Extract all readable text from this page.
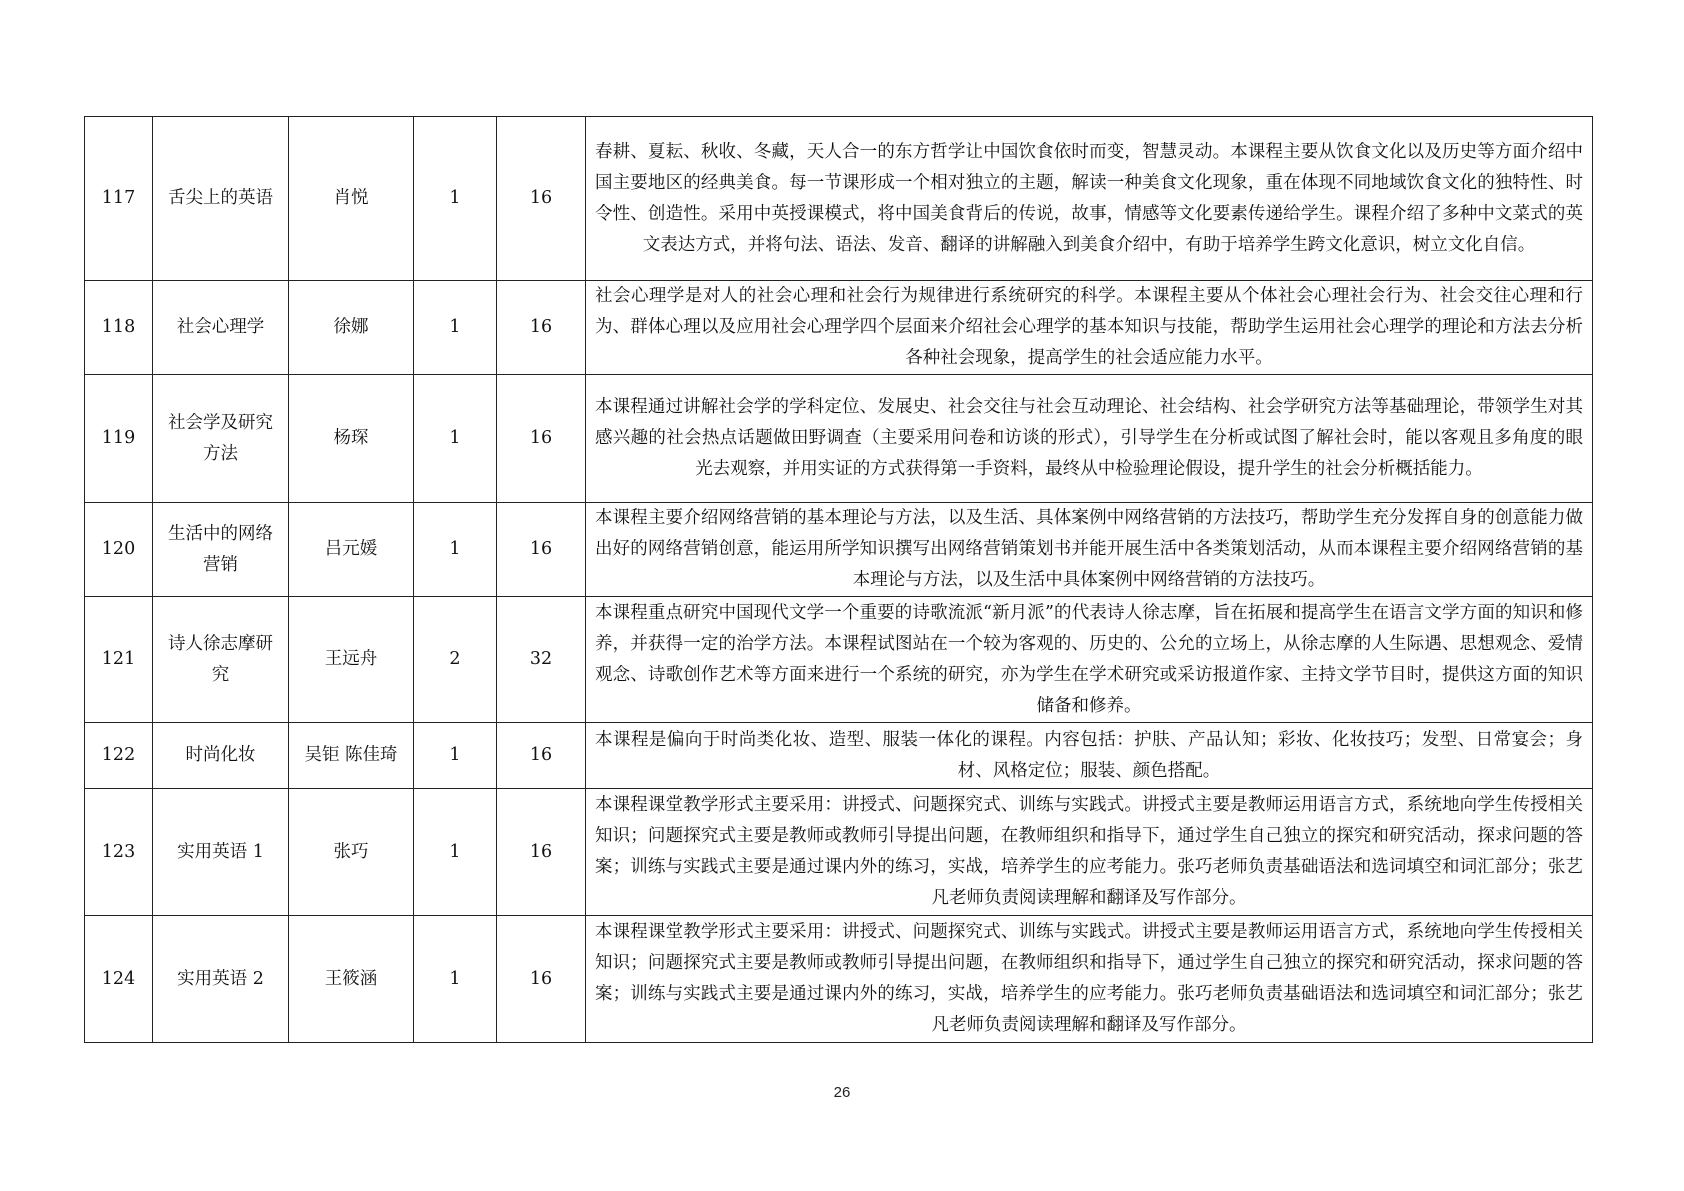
117	舌尖上的英语	肖悦	1	16	春耕、夏耘、秋收、冬藏，天人合一的东方哲学让中国饮食依时而变，智慧灵动。本课程主要从饮食文化以及历史等方面介绍中国主要地区的经典美食。每一节课形成一个相对独立的主题，解读一种美食文化现象，重在体现不同地域饮食文化的独特性、时令性、创造性。采用中英授课模式，将中国美食背后的传说，故事，情感等文化要素传递给学生。课程介绍了多种中文菜式的英文表达方式，并将句法、语法、发音、翻译的讲解融入到美食介绍中，有助于培养学生跨文化意识，树立文化自信。
118	社会心理学	徐娜	1	16	社会心理学是对人的社会心理和社会行为规律进行系统研究的科学。本课程主要从个体社会心理社会行为、社会交往心理和行为、群体心理以及应用社会心理学四个层面来介绍社会心理学的基本知识与技能，帮助学生运用社会心理学的理论和方法去分析各种社会现象，提高学生的社会适应能力水平。
119	社会学及研究方法	杨琛	1	16	本课程通过讲解社会学的学科定位、发展史、社会交往与社会互动理论、社会结构、社会学研究方法等基础理论，带领学生对其感兴趣的社会热点话题做田野调查（主要采用问卷和访谈的形式），引导学生在分析或试图了解社会时，能以客观且多角度的眼光去观察，并用实证的方式获得第一手资料，最终从中检验理论假设，提升学生的社会分析概括能力。
120	生活中的网络营销	吕元媛	1	16	本课程主要介绍网络营销的基本理论与方法，以及生活、具体案例中网络营销的方法技巧，帮助学生充分发挥自身的创意能力做出好的网络营销创意，能运用所学知识撰写出网络营销策划书并能开展生活中各类策划活动，从而本课程主要介绍网络营销的基本理论与方法，以及生活中具体案例中网络营销的方法技巧。
121	诗人徐志摩研究	王远舟	2	32	本课程重点研究中国现代文学一个重要的诗歌流派“新月派”的代表诗人徐志摩，旨在拓展和提高学生在语言文学方面的知识和修养，并获得一定的治学方法。本课程试图站在一个较为客观的、历史的、公允的立场上，从徐志摩的人生际遇、思想观念、爱情观念、诗歌创作艺术等方面来进行一个系统的研究，亦为学生在学术研究或采访报道作家、主持文学节目时，提供这方面的知识储备和修养。
122	时尚化妆	吴钜 陈佳琦	1	16	本课程是偏向于时尚类化妆、造型、服装一体化的课程。内容包括：护肤、产品认知；彩妆、化妆技巧；发型、日常宴会；身材、风格定位；服装、颜色搭配。
123	实用英语 1	张巧	1	16	本课程课堂教学形式主要采用：讲授式、问题探究式、训练与实践式。讲授式主要是教师运用语言方式，系统地向学生传授相关知识；问题探究式主要是教师或教师引导提出问题，在教师组织和指导下，通过学生自己独立的探究和研究活动，探求问题的答案；训练与实践式主要是通过课内外的练习，实战，培养学生的应考能力。张巧老师负责基础语法和选词填空和词汇部分；张艺凡老师负责阅读理解和翻译及写作部分。
124	实用英语 2	王筱涵	1	16	本课程课堂教学形式主要采用：讲授式、问题探究式、训练与实践式。讲授式主要是教师运用语言方式，系统地向学生传授相关知识；问题探究式主要是教师或教师引导提出问题，在教师组织和指导下，通过学生自己独立的探究和研究活动，探求问题的答案；训练与实践式主要是通过课内外的练习，实战，培养学生的应考能力。张巧老师负责基础语法和选词填空和词汇部分；张艺凡老师负责阅读理解和翻译及写作部分。
26
